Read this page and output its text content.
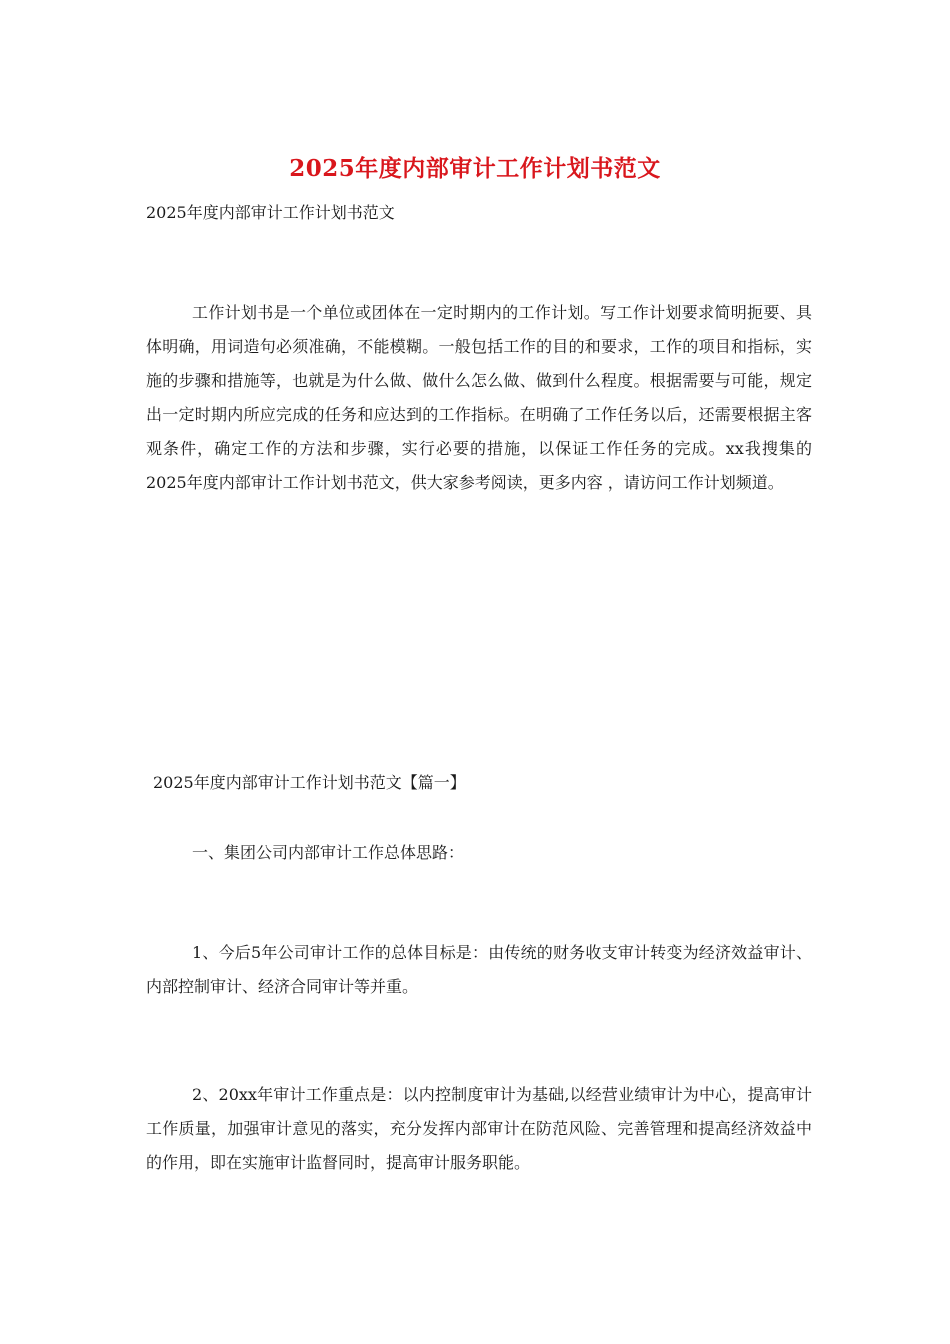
2025年度内部审计工作计划书范文

2025年度内部审计工作计划书范文

工作计划书是一个单位或团体在一定时期内的工作计划。写工作计划要求简明扼要、具体明确，用词造句必须准确，不能模糊。一般包括工作的目的和要求，工作的项目和指标，实施的步骤和措施等，也就是为什么做、做什么怎么做、做到什么程度。根据需要与可能，规定出一定时期内所应完成的任务和应达到的工作指标。在明确了工作任务以后，还需要根据主客观条件，确定工作的方法和步骤，实行必要的措施，以保证工作任务的完成。xx我搜集的2025年度内部审计工作计划书范文，供大家参考阅读，更多内容 ，请访问工作计划频道。

2025年度内部审计工作计划书范文【篇一】

一、集团公司内部审计工作总体思路：

1、今后5年公司审计工作的总体目标是：由传统的财务收支审计转变为经济效益审计、内部控制审计、经济合同审计等并重。

2、20xx年审计工作重点是：以内控制度审计为基础,以经营业绩审计为中心，提高审计工作质量，加强审计意见的落实，充分发挥内部审计在防范风险、完善管理和提高经济效益中的作用，即在实施审计监督同时，提高审计服务职能。
